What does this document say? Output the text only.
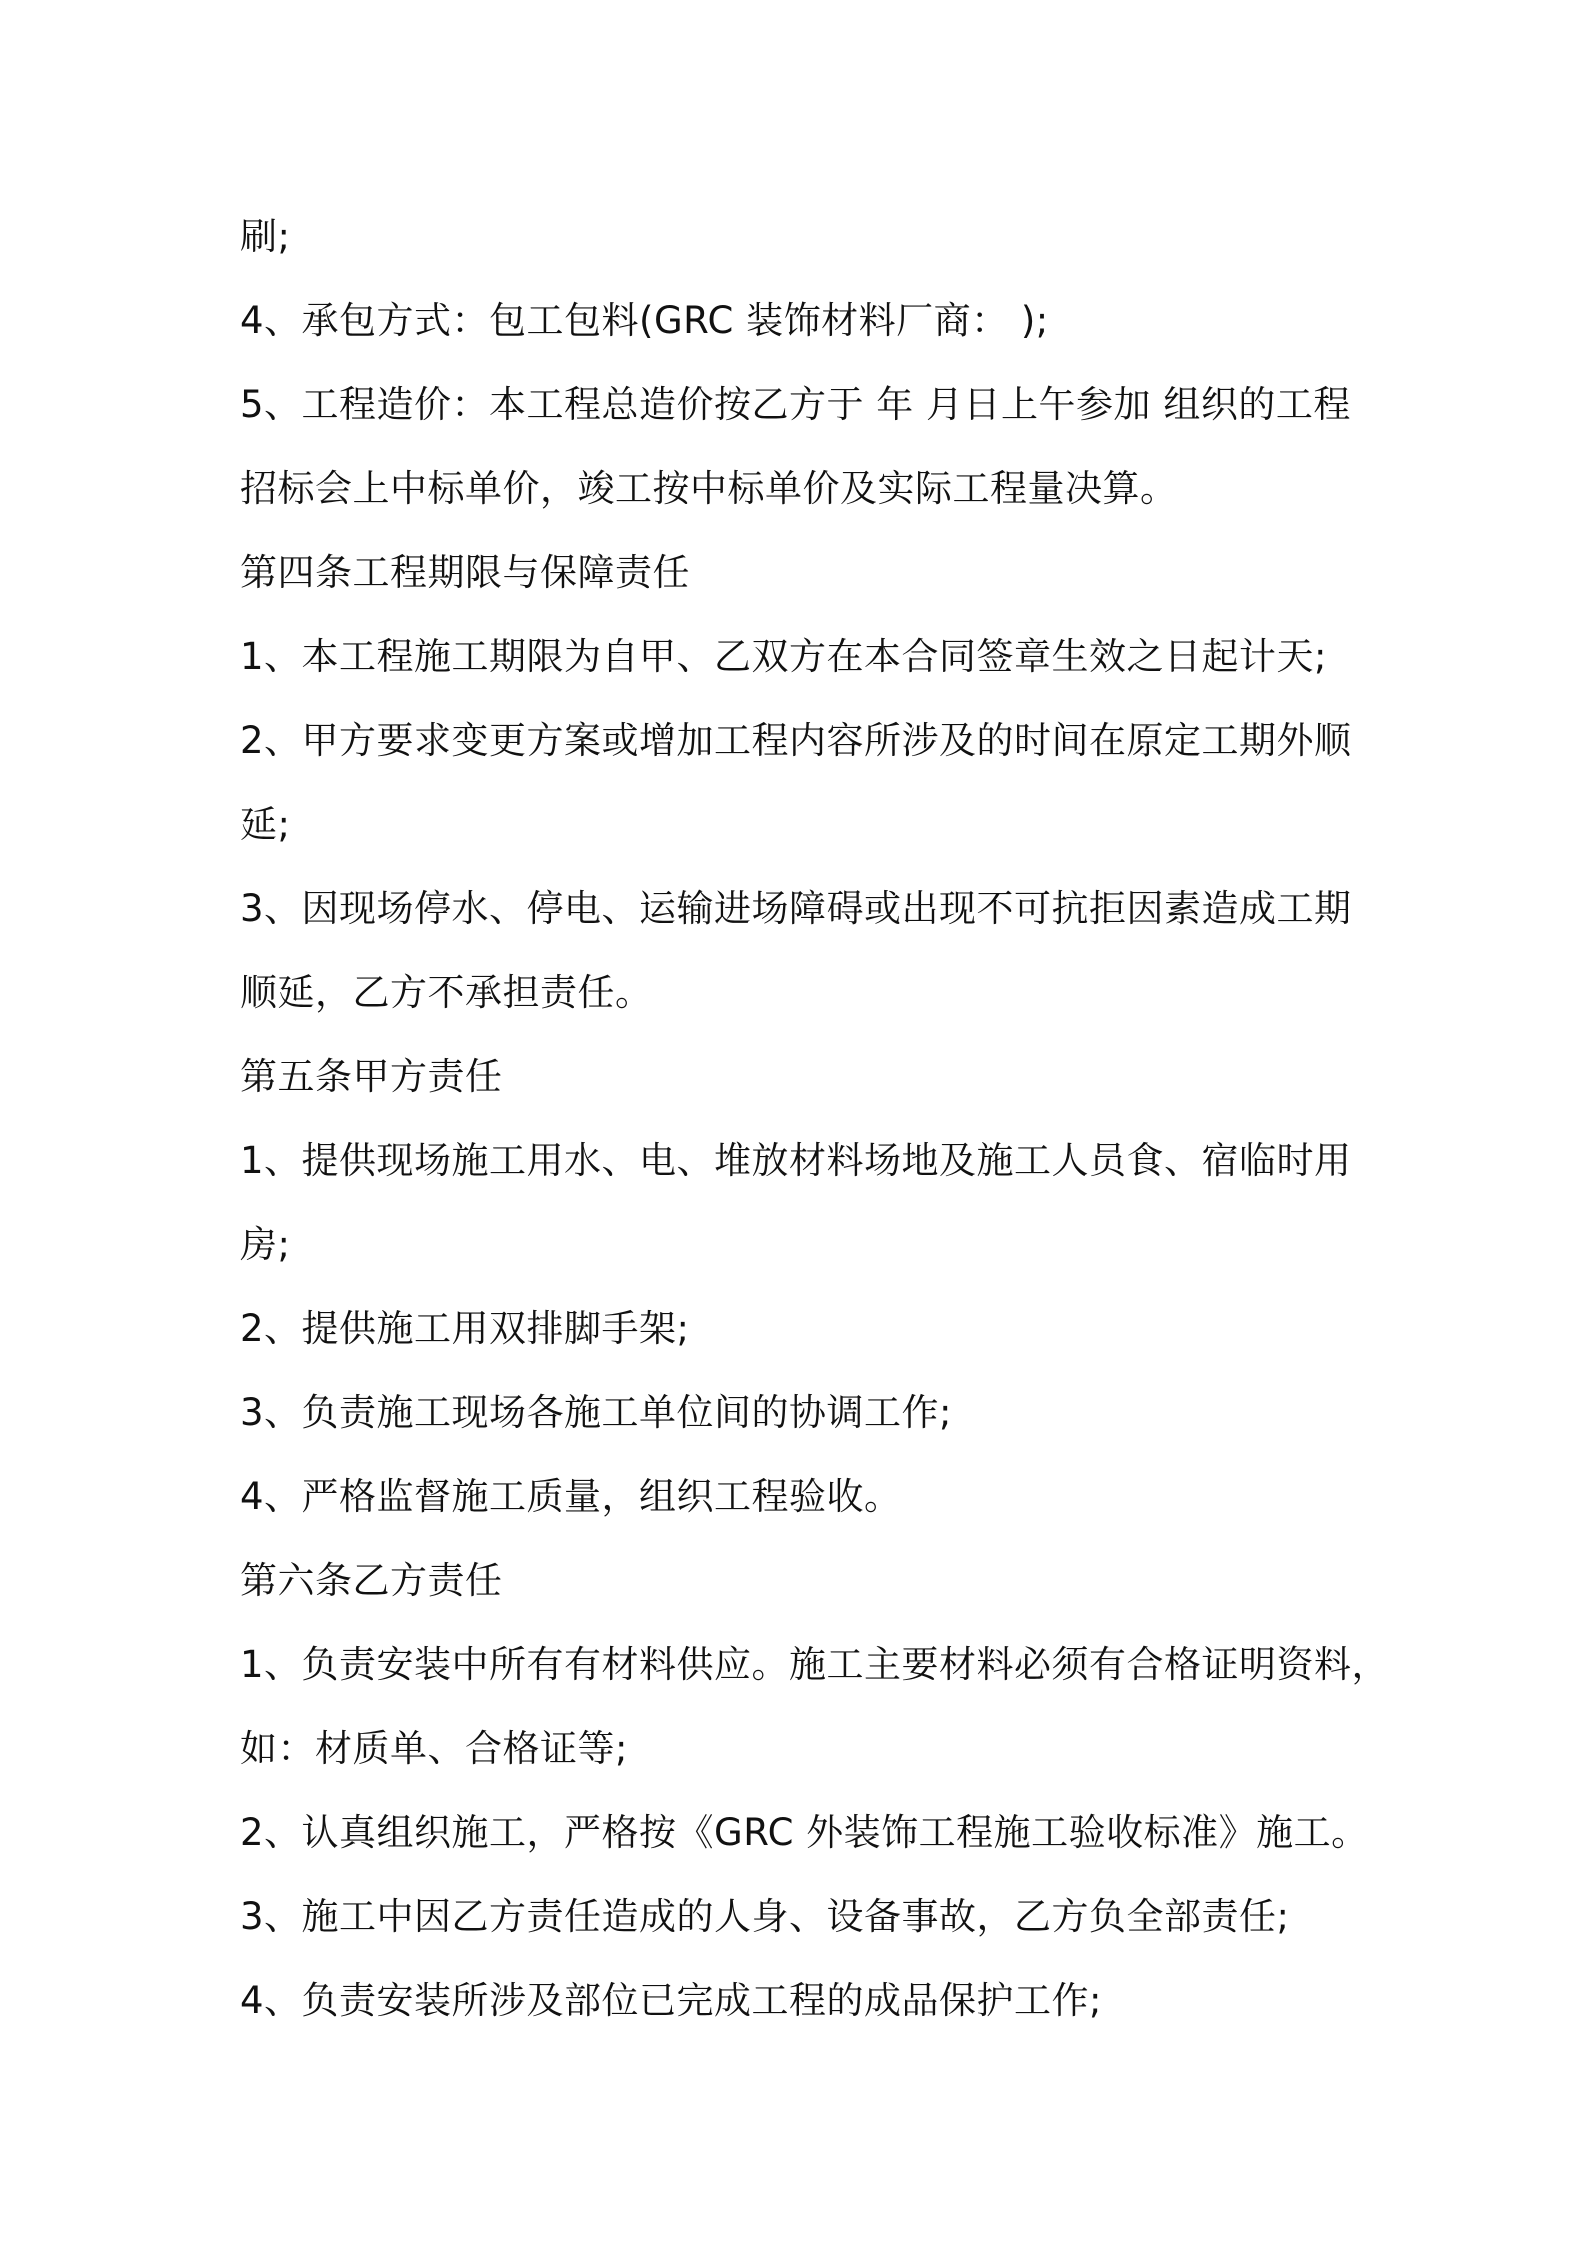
刷;
4、承包方式：包工包料(GRC 装饰材料厂商： );
5、工程造价：本工程总造价按乙方于 年 月日上午参加 组织的工程
招标会上中标单价，竣工按中标单价及实际工程量决算。
第四条工程期限与保障责任
1、本工程施工期限为自甲、乙双方在本合同签章生效之日起计天;
2、甲方要求变更方案或增加工程内容所涉及的时间在原定工期外顺
延;
3、因现场停水、停电、运输进场障碍或出现不可抗拒因素造成工期
顺延，乙方不承担责任。
第五条甲方责任
1、提供现场施工用水、电、堆放材料场地及施工人员食、宿临时用
房;
2、提供施工用双排脚手架;
3、负责施工现场各施工单位间的协调工作;
4、严格监督施工质量，组织工程验收。
第六条乙方责任
1、负责安装中所有有材料供应。施工主要材料必须有合格证明资料，
如：材质单、合格证等;
2、认真组织施工，严格按《GRC 外装饰工程施工验收标准》施工。
3、施工中因乙方责任造成的人身、设备事故，乙方负全部责任;
4、负责安装所涉及部位已完成工程的成品保护工作;
